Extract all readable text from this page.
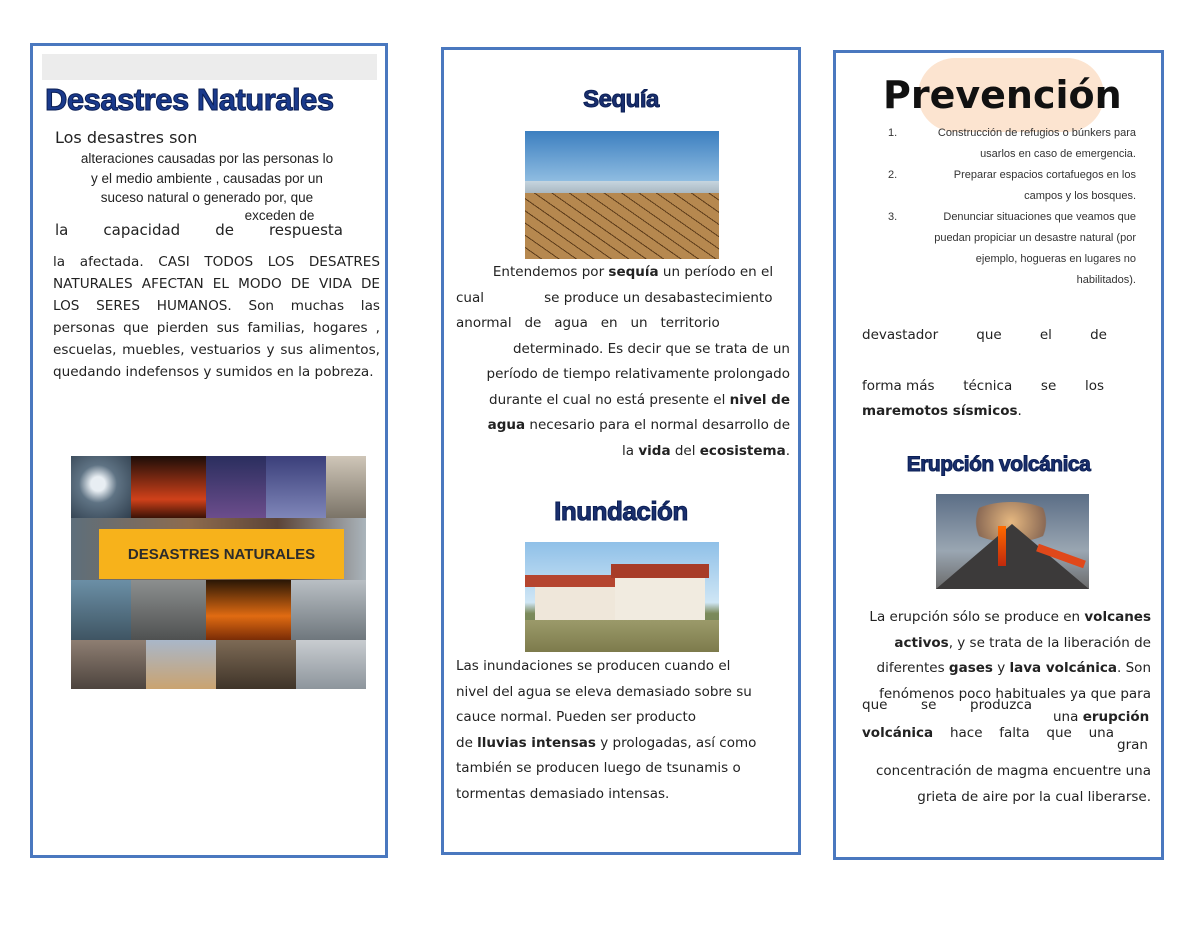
Desastres Naturales
Los desastres son
alteraciones causadas por las personas lo
y el medio ambiente , causadas por un
suceso natural o generado por, que
exceden de
la capacidad de respuesta
la afectada. CASI TODOS LOS DESATRES NATURALES AFECTAN EL MODO DE VIDA DE LOS SERES HUMANOS. Son muchas las personas que pierden sus familias, hogares , escuelas, muebles, vestuarios y sus alimentos, quedando indefensos y sumidos en la pobreza.
DESASTRES NATURALES
Sequía
Entendemos por sequía un período en el
cual              se produce un desabastecimiento
anormal   de   agua   en   un   territorio
determinado. Es decir que se trata de un
período de tiempo relativamente prolongado
durante el cual no está presente el nivel de
agua necesario para el normal desarrollo de
la vida del ecosistema.
Inundación
Las inundaciones se producen cuando el
nivel del agua se eleva demasiado sobre su
cauce normal. Pueden ser producto
de lluvias intensas y prologadas, así como
también se producen luego de tsunamis o
tormentas demasiado intensas.
Prevención
1.	Construcción de refugios o búnkers para
usarlos en caso de emergencia.
2.	Preparar espacios cortafuegos en los
campos y los bosques.
3.	Denunciar situaciones que veamos que
puedan propiciar un desastre natural (por
ejemplo, hogueras en lugares no
habilitados).
devastador	que	el	de
forma más técnica se los
maremotos sísmicos.
Erupción volcánica
La erupción sólo se produce en volcanes
activos, y se trata de la liberación de
diferentes gases y lava volcánica. Son
fenómenos poco habituales ya que para
que se produzca
una erupción
volcánica hace falta que una
gran
concentración de magma encuentre una
grieta de aire por la cual liberarse.
